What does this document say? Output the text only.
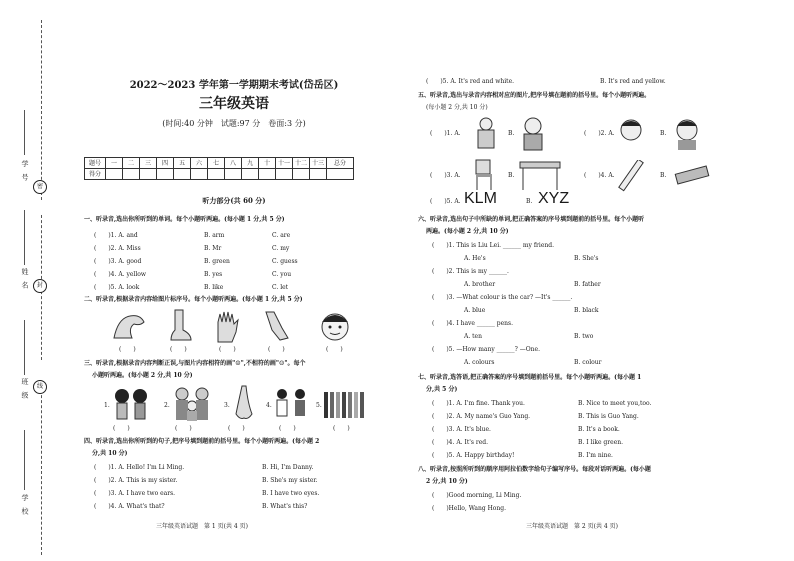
密
封
线
学 号
姓 名
班 级
学 校
2022～2023 学年第一学期期末考试(岱岳区)
三年级英语
(时间:40 分钟　试题:97 分　卷面:3 分)
题号	一	二	三	四	五	六	七	八	九	十	十一	十二	十三	总分
得分														
听力部分(共 60 分)
一、听录音,选出你所听到的单词。每个小题听两遍。(每小题 1 分,共 5 分)
(　　)1. A. and	B. arm	C. are
(　　)2. A. Miss	B. Mr	C. my
(　　)3. A. good	B. green	C. guess
(　　)4. A. yellow	B. yes	C. you
(　　)5. A. look	B. like	C. let
二、听录音,根据录音内容给图片标序号。每个小题听两遍。(每小题 1 分,共 5 分)
(　　)	(　　)	(　　)	(　　)	(　　)
三、听录音,根据录音内容判断正误,与图片内容相符的画"☺",不相符的画"☹"。每个
小题听两遍。(每小题 2 分,共 10 分)
1.	2.	3.	4.	5.
(　　)	(　　)	(　　)	(　　)	(　　)
四、听录音,选出你所听到的句子,把序号填到题前的括号里。每个小题听两遍。(每小题 2
分,共 10 分)
(　　)1. A. Hello! I'm Li Ming.	B. Hi, I'm Danny.
(　　)2. A. This is my sister.	B. She's my sister.
(　　)3. A. I have two ears.	B. I have two eyes.
(　　)4. A. What's that?	B. What's this?
三年级英语试题　第 1 页(共 4 页)
(　　)5. A. It's red and white.	B. It's red and yellow.
五、听录音,选出与录音内容相对应的图片,把序号填在题前的括号里。每个小题听两遍。
(每小题 2 分,共 10 分)
(　　)1. A.	B.	(　　)2. A.	B.
(　　)3. A.	B.	(　　)4. A.	B.
(　　)5. A. KLM	B. XYZ
六、听录音,选出句子中所缺的单词,把正确答案的序号填到题前的括号里。每个小题听
两遍。(每小题 2 分,共 10 分)
(　　)1. This is Liu Lei. ______ my friend.
A. He's	B. She's
(　　)2. This is my ______.
A. brother	B. father
(　　)3. —What colour is the car? —It's ______.
A. blue	B. black
(　　)4. I have ______ pens.
A. ten	B. two
(　　)5. —How many ______? —One.
A. colours	B. colour
七、听录音,选答语,把正确答案的序号填到题前括号里。每个小题听两遍。(每小题 1
分,共 5 分)
(　　)1. A. I'm fine. Thank you.	B. Nice to meet you,too.
(　　)2. A. My name's Guo Yang.	B. This is Guo Yang.
(　　)3. A. It's blue.	B. It's a book.
(　　)4. A. It's red.	B. I like green.
(　　)5. A. Happy birthday!	B. I'm nine.
八、听录音,按照所听到的顺序用阿拉伯数字给句子编写序号。每段对话听两遍。(每小题
2 分,共 10 分)
(　　)Good morning, Li Ming.
(　　)Hello, Wang Hong.
三年级英语试题　第 2 页(共 4 页)
